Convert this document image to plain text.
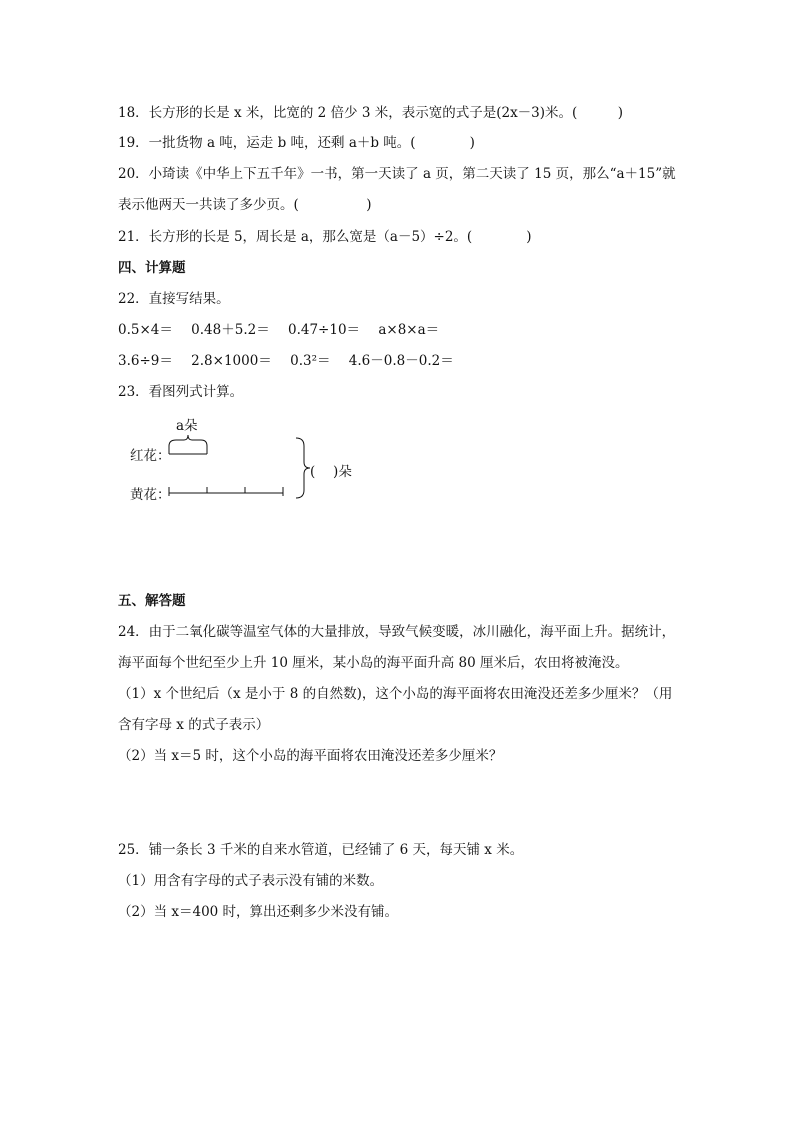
18．长方形的长是 x 米，比宽的 2 倍少 3 米，表示宽的式子是(2x－3)米。(　　　)
19．一批货物 a 吨，运走 b 吨，还剩 a＋b 吨。(　　　　)
20．小琦读《中华上下五千年》一书，第一天读了 a 页，第二天读了 15 页，那么“a＋15”就
表示他两天一共读了多少页。(　　　　　)
21．长方形的长是 5，周长是 a，那么宽是（a－5）÷2。(　　　　)
四、计算题
22．直接写结果。
0.5×4＝ 0.48＋5.2＝ 0.47÷10＝ a×8×a＝
3.6÷9＝ 2.8×1000＝ 0.3²＝ 4.6－0.8－0.2＝
23．看图列式计算。
a朵
红花：
黄花：
(　 )朵
五、解答题
24．由于二氧化碳等温室气体的大量排放，导致气候变暖，冰川融化，海平面上升。据统计，
海平面每个世纪至少上升 10 厘米，某小岛的海平面升高 80 厘米后，农田将被淹没。
（1）x 个世纪后（x 是小于 8 的自然数)，这个小岛的海平面将农田淹没还差多少厘米？（用
含有字母 x 的式子表示）
（2）当 x＝5 时，这个小岛的海平面将农田淹没还差多少厘米？
25．铺一条长 3 千米的自来水管道，已经铺了 6 天，每天铺 x 米。
（1）用含有字母的式子表示没有铺的米数。
（2）当 x＝400 时，算出还剩多少米没有铺。
